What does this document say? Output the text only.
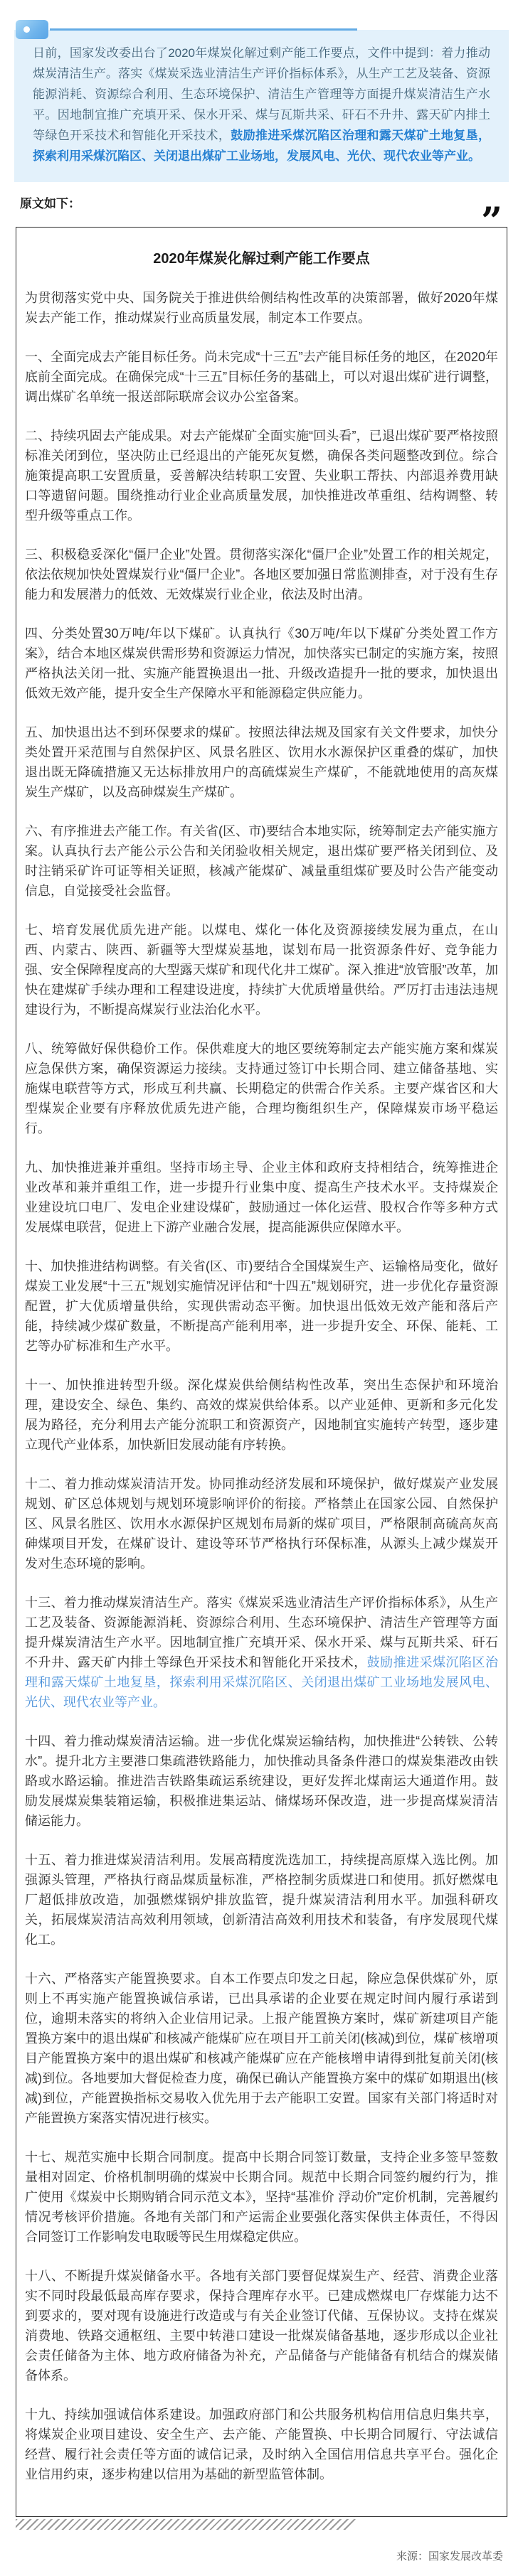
日前，国家发改委出台了2020年煤炭化解过剩产能工作要点，文件中提到：着力推动煤炭清洁生产。落实《煤炭采选业清洁生产评价指标体系》，从生产工艺及装备、资源能源消耗、资源综合利用、生态环境保护、清洁生产管理等方面提升煤炭清洁生产水平。因地制宜推广充填开采、保水开采、煤与瓦斯共采、矸石不升井、露天矿内排土等绿色开采技术和智能化开采技术，鼓励推进采煤沉陷区治理和露天煤矿土地复垦，探索利用采煤沉陷区、关闭退出煤矿工业场地，发展风电、光伏、现代农业等产业。
原文如下：	”
2020年煤炭化解过剩产能工作要点

为贯彻落实党中央、国务院关于推进供给侧结构性改革的决策部署，做好2020年煤炭去产能工作，推动煤炭行业高质量发展，制定本工作要点。

一、全面完成去产能目标任务。尚未完成“十三五”去产能目标任务的地区，在2020年底前全面完成。在确保完成“十三五”目标任务的基础上，可以对退出煤矿进行调整，调出煤矿名单统一报送部际联席会议办公室备案。

二、持续巩固去产能成果。对去产能煤矿全面实施“回头看”，已退出煤矿要严格按照标准关闭到位，坚决防止已经退出的产能死灰复燃，确保各类问题整改到位。综合施策提高职工安置质量，妥善解决结转职工安置、失业职工帮扶、内部退养费用缺口等遗留问题。围绕推动行业企业高质量发展，加快推进改革重组、结构调整、转型升级等重点工作。

三、积极稳妥深化“僵尸企业”处置。贯彻落实深化“僵尸企业”处置工作的相关规定，依法依规加快处置煤炭行业“僵尸企业”。各地区要加强日常监测排查，对于没有生存能力和发展潜力的低效、无效煤炭行业企业，依法及时出清。

四、分类处置30万吨/年以下煤矿。认真执行《30万吨/年以下煤矿分类处置工作方案》，结合本地区煤炭供需形势和资源运力情况，加快落实已制定的实施方案，按照严格执法关闭一批、实施产能置换退出一批、升级改造提升一批的要求，加快退出低效无效产能，提升安全生产保障水平和能源稳定供应能力。

五、加快退出达不到环保要求的煤矿。按照法律法规及国家有关文件要求，加快分类处置开采范围与自然保护区、风景名胜区、饮用水水源保护区重叠的煤矿，加快退出既无降硫措施又无达标排放用户的高硫煤炭生产煤矿，不能就地使用的高灰煤炭生产煤矿，以及高砷煤炭生产煤矿。

六、有序推进去产能工作。有关省(区、市)要结合本地实际，统筹制定去产能实施方案。认真执行去产能公示公告和关闭验收相关规定，退出煤矿要严格关闭到位、及时注销采矿许可证等相关证照，核减产能煤矿、减量重组煤矿要及时公告产能变动信息，自觉接受社会监督。

七、培育发展优质先进产能。以煤电、煤化一体化及资源接续发展为重点，在山西、内蒙古、陕西、新疆等大型煤炭基地，谋划布局一批资源条件好、竞争能力强、安全保障程度高的大型露天煤矿和现代化井工煤矿。深入推进“放管服”改革，加快在建煤矿手续办理和工程建设进度，持续扩大优质增量供给。严厉打击违法违规建设行为，不断提高煤炭行业法治化水平。

八、统筹做好保供稳价工作。保供难度大的地区要统筹制定去产能实施方案和煤炭应急保供方案，确保资源运力接续。支持通过签订中长期合同、建立储备基地、实施煤电联营等方式，形成互利共赢、长期稳定的供需合作关系。主要产煤省区和大型煤炭企业要有序释放优质先进产能，合理均衡组织生产，保障煤炭市场平稳运行。

九、加快推进兼并重组。坚持市场主导、企业主体和政府支持相结合，统筹推进企业改革和兼并重组工作，进一步提升行业集中度、提高生产技术水平。支持煤炭企业建设坑口电厂、发电企业建设煤矿，鼓励通过一体化运营、股权合作等多种方式发展煤电联营，促进上下游产业融合发展，提高能源供应保障水平。

十、加快推进结构调整。有关省(区、市)要结合全国煤炭生产、运输格局变化，做好煤炭工业发展“十三五”规划实施情况评估和“十四五”规划研究，进一步优化存量资源配置，扩大优质增量供给，实现供需动态平衡。加快退出低效无效产能和落后产能，持续减少煤矿数量，不断提高产能利用率，进一步提升安全、环保、能耗、工艺等办矿标准和生产水平。

十一、加快推进转型升级。深化煤炭供给侧结构性改革，突出生态保护和环境治理，建设安全、绿色、集约、高效的煤炭供给体系。以产业延伸、更新和多元化发展为路径，充分利用去产能分流职工和资源资产，因地制宜实施转产转型，逐步建立现代产业体系，加快新旧发展动能有序转换。

十二、着力推动煤炭清洁开发。协同推动经济发展和环境保护，做好煤炭产业发展规划、矿区总体规划与规划环境影响评价的衔接。严格禁止在国家公园、自然保护区、风景名胜区、饮用水水源保护区规划布局新的煤矿项目，严格限制高硫高灰高砷煤项目开发，在煤矿设计、建设等环节严格执行环保标准，从源头上减少煤炭开发对生态环境的影响。

十三、着力推动煤炭清洁生产。落实《煤炭采选业清洁生产评价指标体系》，从生产工艺及装备、资源能源消耗、资源综合利用、生态环境保护、清洁生产管理等方面提升煤炭清洁生产水平。因地制宜推广充填开采、保水开采、煤与瓦斯共采、矸石不升井、露天矿内排土等绿色开采技术和智能化开采技术，鼓励推进采煤沉陷区治理和露天煤矿土地复垦，探索利用采煤沉陷区、关闭退出煤矿工业场地发展风电、光伏、现代农业等产业。

十四、着力推动煤炭清洁运输。进一步优化煤炭运输结构，加快推进“公转铁、公转水”。提升北方主要港口集疏港铁路能力，加快推动具备条件港口的煤炭集港改由铁路或水路运输。推进浩吉铁路集疏运系统建设，更好发挥北煤南运大通道作用。鼓励发展煤炭集装箱运输，积极推进集运站、储煤场环保改造，进一步提高煤炭清洁储运能力。

十五、着力推进煤炭清洁利用。发展高精度洗选加工，持续提高原煤入选比例。加强源头管理，严格执行商品煤质量标准，严格控制劣质煤进口和使用。抓好燃煤电厂超低排放改造，加强燃煤锅炉排放监管，提升煤炭清洁利用水平。加强科研攻关，拓展煤炭清洁高效利用领域，创新清洁高效利用技术和装备，有序发展现代煤化工。

十六、严格落实产能置换要求。自本工作要点印发之日起，除应急保供煤矿外，原则上不再实施产能置换诚信承诺，已出具承诺的企业要在规定时间内履行承诺到位，逾期未落实的将纳入企业信用记录。上报产能置换方案时，煤矿新建项目产能置换方案中的退出煤矿和核减产能煤矿应在项目开工前关闭(核减)到位，煤矿核增项目产能置换方案中的退出煤矿和核减产能煤矿应在产能核增申请得到批复前关闭(核减)到位。各地要加大督促检查力度，确保已确认产能置换方案中的煤矿如期退出(核减)到位，产能置换指标交易收入优先用于去产能职工安置。国家有关部门将适时对产能置换方案落实情况进行核实。

十七、规范实施中长期合同制度。提高中长期合同签订数量，支持企业多签早签数量相对固定、价格机制明确的煤炭中长期合同。规范中长期合同签约履约行为，推广使用《煤炭中长期购销合同示范文本》，坚持“基准价 浮动价”定价机制，完善履约情况考核评价措施。各地有关部门和产运需企业要强化落实保供主体责任，不得因合同签订工作影响发电取暖等民生用煤稳定供应。

十八、不断提升煤炭储备水平。各地有关部门要督促煤炭生产、经营、消费企业落实不同时段最低最高库存要求，保持合理库存水平。已建成燃煤电厂存煤能力达不到要求的，要对现有设施进行改造或与有关企业签订代储、互保协议。支持在煤炭消费地、铁路交通枢纽、主要中转港口建设一批煤炭储备基地，逐步形成以企业社会责任储备为主体、地方政府储备为补充，产品储备与产能储备有机结合的煤炭储备体系。

十九、持续加强诚信体系建设。加强政府部门和公共服务机构信用信息归集共享，将煤炭企业项目建设、安全生产、去产能、产能置换、中长期合同履行、守法诚信经营、履行社会责任等方面的诚信记录，及时纳入全国信用信息共享平台。强化企业信用约束，逐步构建以信用为基础的新型监管体制。

来源：国家发展改革委
